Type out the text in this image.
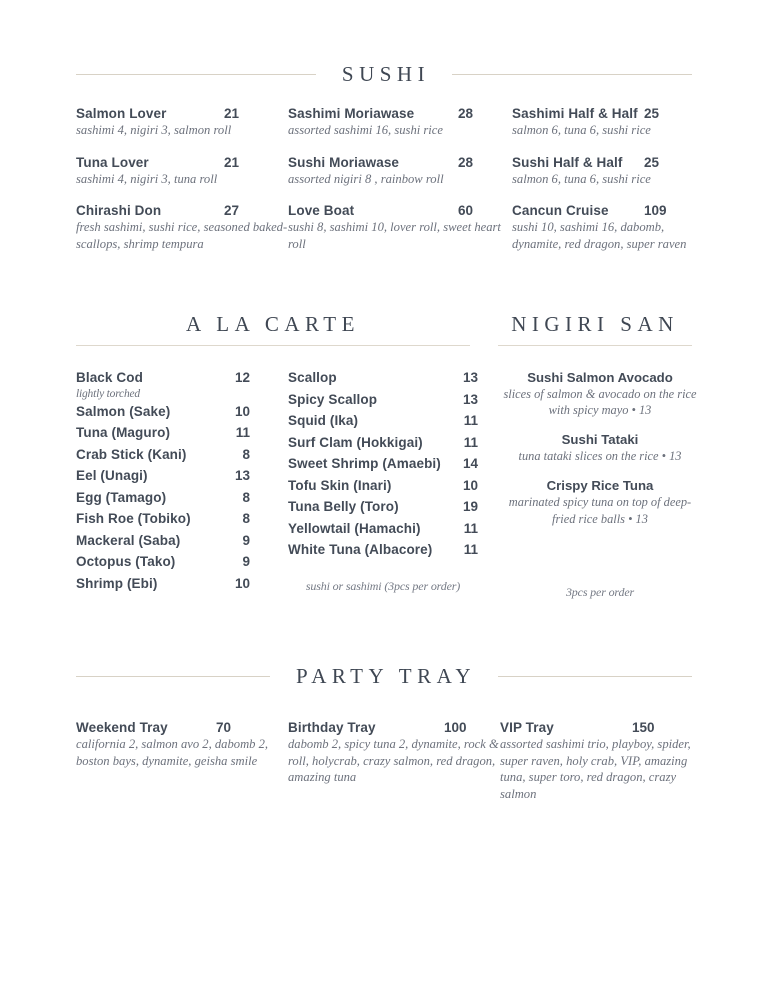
SUSHI
Salmon Lover	21
sashimi 4, nigiri 3, salmon roll
Tuna Lover	21
sashimi 4, nigiri 3, tuna roll
Chirashi Don	27
fresh sashimi, sushi rice, seasoned baked-scallops, shrimp tempura
Sashimi Moriawase	28
assorted sashimi 16, sushi rice
Sushi Moriawase	28
assorted nigiri 8 , rainbow roll
Love Boat	60
sushi 8, sashimi 10, lover roll, sweet heart roll
Sashimi Half & Half 25
salmon 6, tuna 6, sushi rice
Sushi Half & Half	25
salmon 6, tuna 6, sushi rice
Cancun Cruise	109
sushi 10, sashimi 16, dabomb, dynamite, red dragon, super raven
A LA CARTE	NIGIRI SAN
Black Cod	12
lightly torched
Salmon (Sake)	10
Tuna (Maguro)	11
Crab Stick (Kani)	8
Eel (Unagi)	13
Egg (Tamago)	8
Fish Roe (Tobiko)	8
Mackeral (Saba)	9
Octopus (Tako)	9
Shrimp (Ebi)	10
Scallop	13
Spicy Scallop	13
Squid (Ika)	11
Surf Clam (Hokkigai)	11
Sweet Shrimp (Amaebi) 14
Tofu Skin (Inari)	10
Tuna Belly (Toro)	19
Yellowtail (Hamachi)	11
White Tuna (Albacore) 11
sushi or sashimi (3pcs per order)
Sushi Salmon Avocado
slices of salmon & avocado on the rice with spicy mayo • 13
Sushi Tataki
tuna tataki slices on the rice • 13
Crispy Rice Tuna
marinated spicy tuna on top of deep-fried rice balls • 13
3pcs per order
PARTY TRAY
Weekend Tray	70
california 2, salmon avo 2, dabomb 2, boston bays, dynamite, geisha smile
Birthday Tray	100
dabomb 2, spicy tuna 2, dynamite, rock & roll, holycrab, crazy salmon, red dragon, amazing tuna
VIP Tray	150
assorted sashimi trio, playboy, spider, super raven, holy crab, VIP, amazing tuna, super toro, red dragon, crazy salmon
